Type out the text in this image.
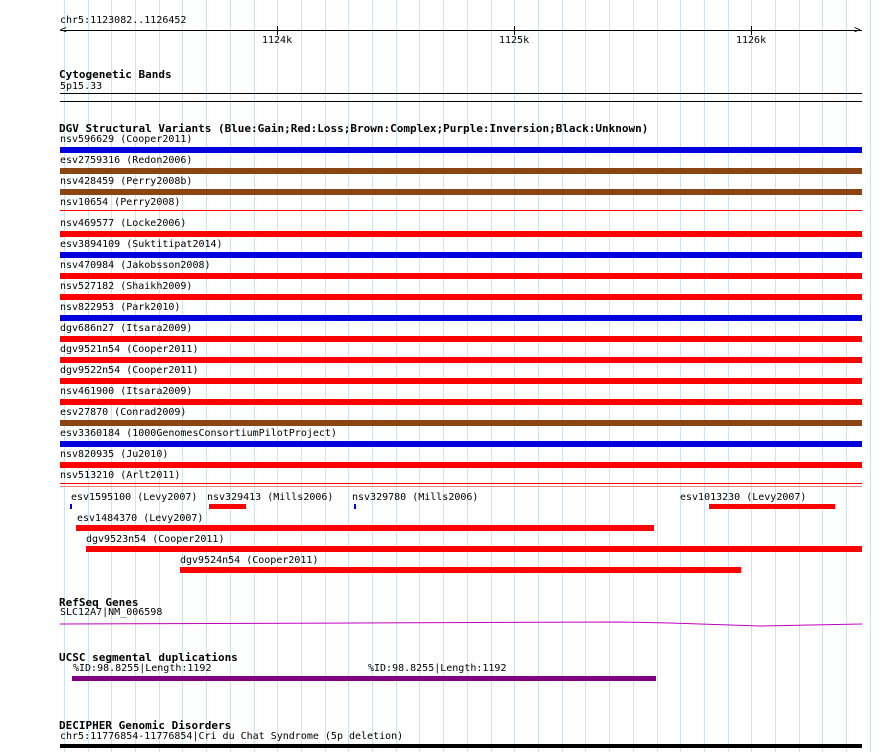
chr5:1123082..1126452
<	>
1124k	1125k	1126k
Cytogenetic Bands
5p15.33
DGV Structural Variants (Blue:Gain;Red:Loss;Brown:Complex;Purple:Inversion;Black:Unknown)
nsv596629 (Cooper2011)
esv2759316 (Redon2006)
nsv428459 (Perry2008b)
nsv10654 (Perry2008)
nsv469577 (Locke2006)
esv3894109 (Suktitipat2014)
nsv470984 (Jakobsson2008)
nsv527182 (Shaikh2009)
nsv822953 (Park2010)
dgv686n27 (Itsara2009)
dgv9521n54 (Cooper2011)
dgv9522n54 (Cooper2011)
nsv461900 (Itsara2009)
esv27870 (Conrad2009)
esv3360184 (1000GenomesConsortiumPilotProject)
nsv820935 (Ju2010)
nsv513210 (Arlt2011)
esv1595100 (Levy2007) nsv329413 (Mills2006) nsv329780 (Mills2006)	esv1013230 (Levy2007)
esv1484370 (Levy2007)
dgv9523n54 (Cooper2011)
dgv9524n54 (Cooper2011)
RefSeq Genes
SLC12A7|NM_006598
UCSC segmental duplications
%ID:98.8255|Length:1192	%ID:98.8255|Length:1192
DECIPHER Genomic Disorders
chr5:11776854-11776854|Cri du Chat Syndrome (5p deletion)
